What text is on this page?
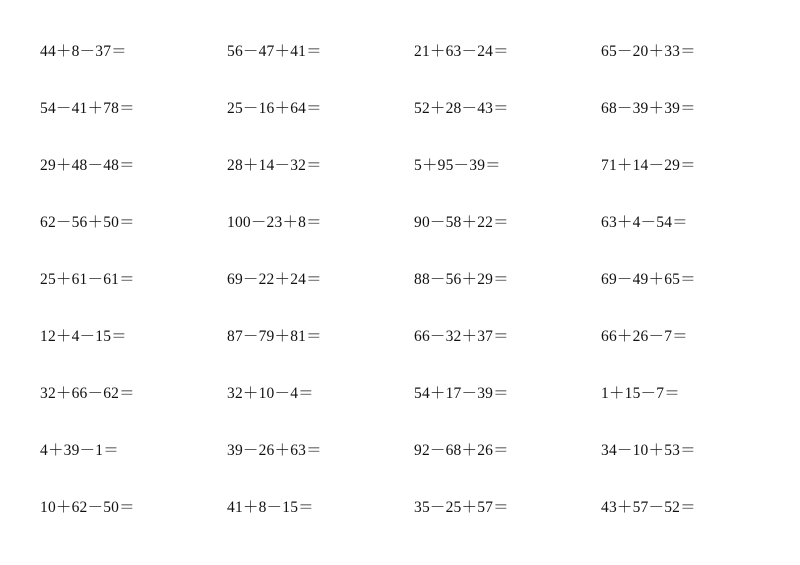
44＋8－37＝	56－47＋41＝	21＋63－24＝	65－20＋33＝
54－41＋78＝	25－16＋64＝	52＋28－43＝	68－39＋39＝
29＋48－48＝	28＋14－32＝	5＋95－39＝	71＋14－29＝
62－56＋50＝	100－23＋8＝	90－58＋22＝	63＋4－54＝
25＋61－61＝	69－22＋24＝	88－56＋29＝	69－49＋65＝
12＋4－15＝	87－79＋81＝	66－32＋37＝	66＋26－7＝
32＋66－62＝	32＋10－4＝	54＋17－39＝	1＋15－7＝
4＋39－1＝	39－26＋63＝	92－68＋26＝	34－10＋53＝
10＋62－50＝	41＋8－15＝	35－25＋57＝	43＋57－52＝
